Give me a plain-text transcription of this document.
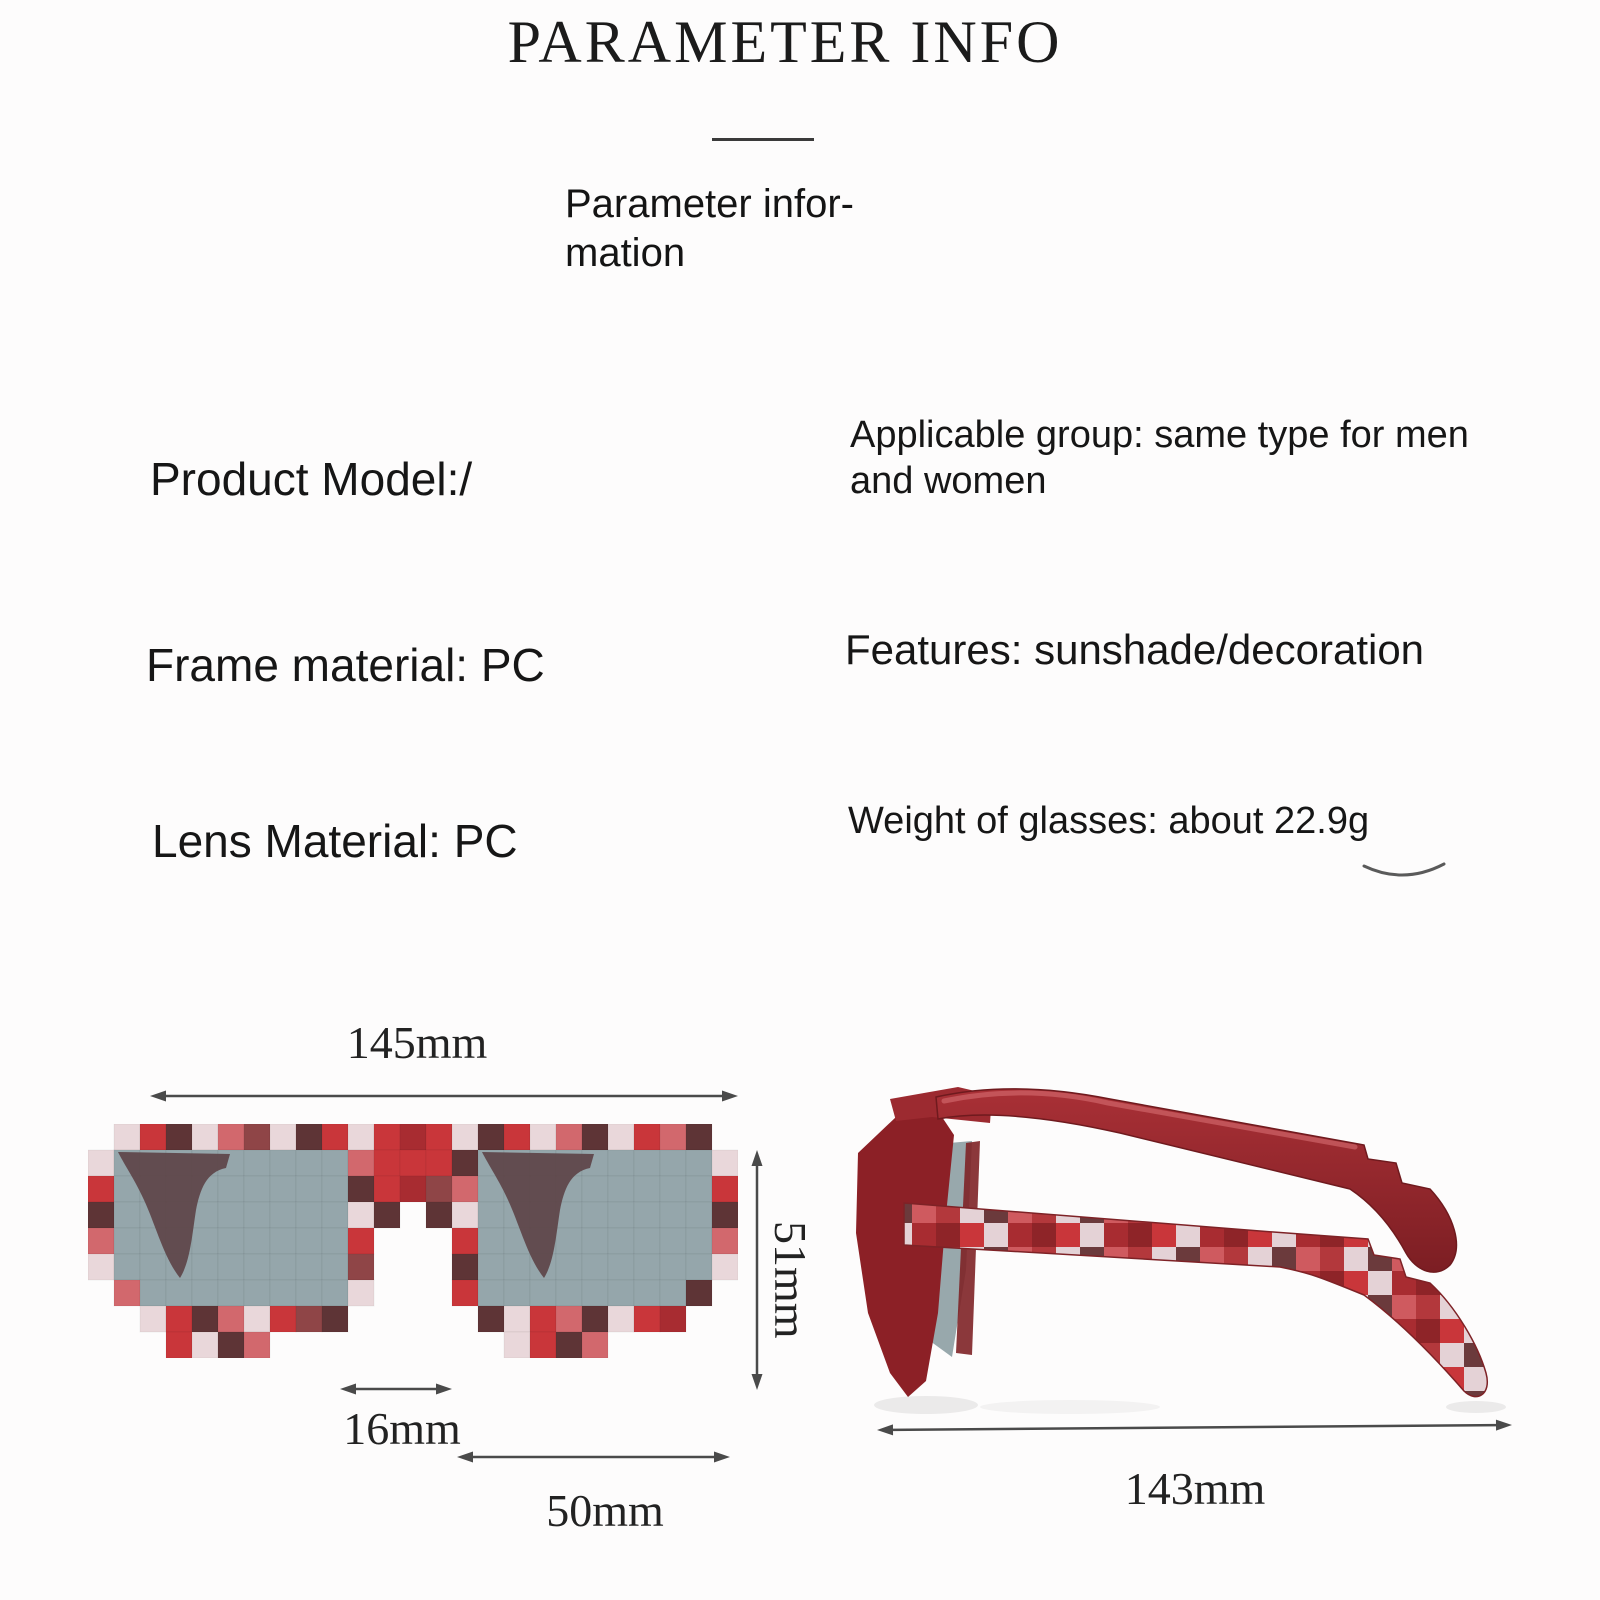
PARAMETER INFO
Parameter infor-
mation
Product Model:/
Frame material: PC
Lens Material: PC
Applicable group: same type for men and women
Features: sunshade/decoration
Weight of glasses: about 22.9g
145mm
51mm
16mm
50mm	143mm
